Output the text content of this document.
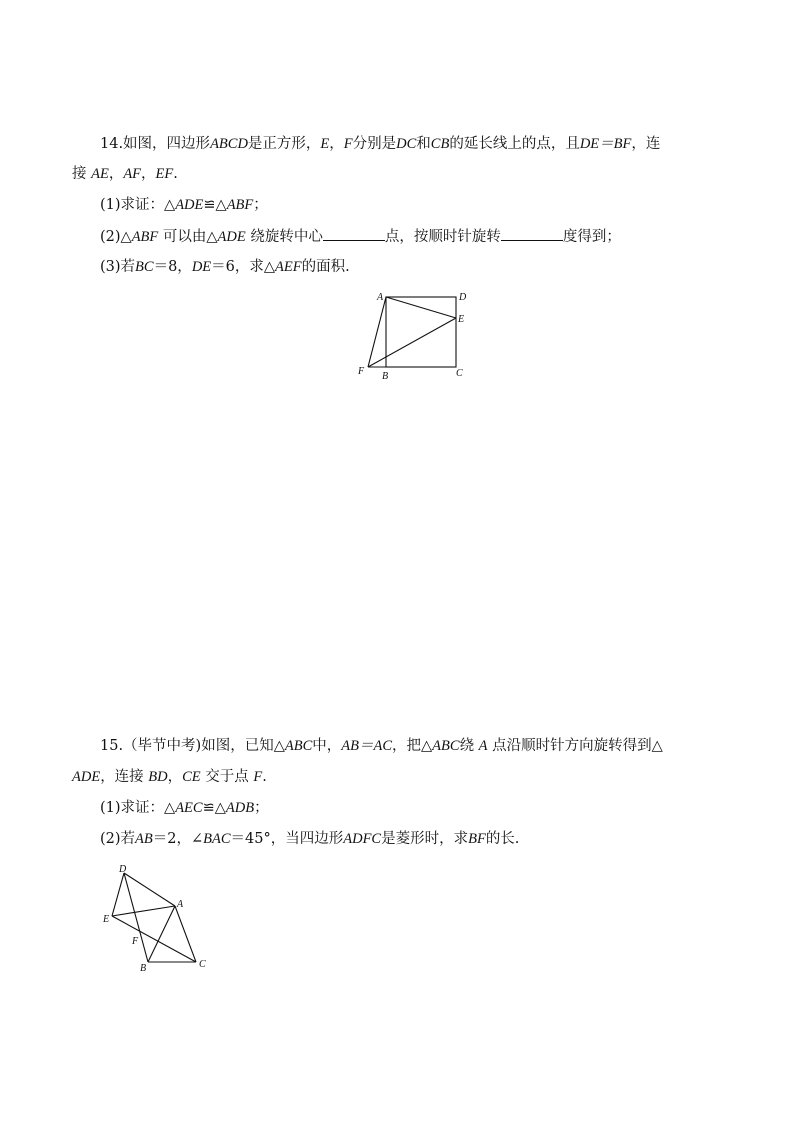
14.如图，四边形ABCD是正方形，E，F分别是DC和CB的延长线上的点，且DE＝BF，连
接 AE，AF，EF.
(1)求证：△ADE≌△ABF；
(2)△ABF 可以由△ADE 绕旋转中心	点，按顺时针旋转	度得到；
(3)若BC＝8，DE＝6，求△AEF的面积.
A	D
E
F B	C
15.（毕节中考)如图，已知△ABC中，AB＝AC，把△ABC绕 A 点沿顺时针方向旋转得到△
ADE，连接 BD，CE 交于点 F.
(1)求证：△AEC≌△ADB；
(2)若AB＝2，∠BAC＝45°，当四边形ADFC是菱形时，求BF的长.
D
E
A
F
B	C
